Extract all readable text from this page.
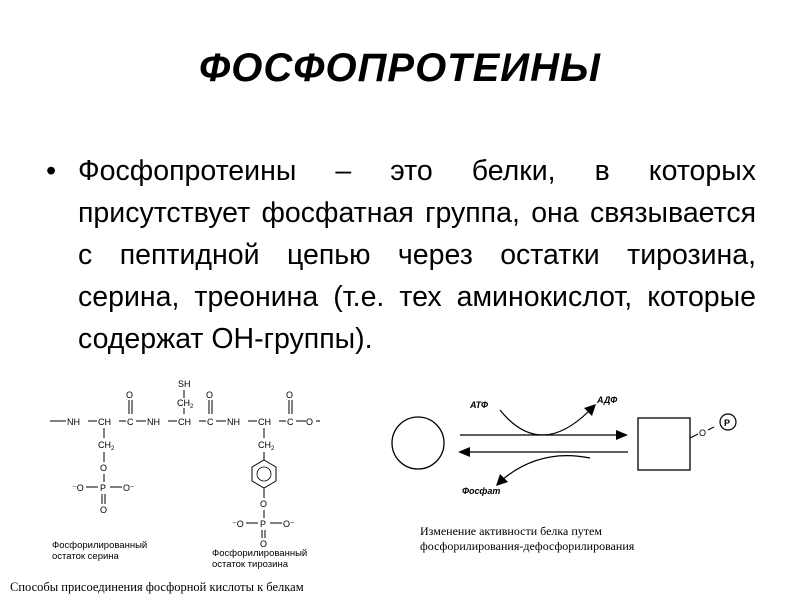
ФОСФОПРОТЕИНЫ
• Фосфопротеины – это белки, в которых присутствует фосфатная группа, она связывается с пептидной цепью через остатки тирозина, серина, треонина (т.е. тех аминокислот, которые содержат OH-группы).

NH CH C NH CH C NH CH C O
O	O	O
CH 2
SH
CH 2
O
P
⁻O	O⁻
O
CH 2
O
P
⁻O	O⁻
O
Фосфорилированный
остаток серина	Фосфорилированный
остаток тирозина
АТФ	АДФ
Фосфат
O
P
Изменение активности белка путем
фосфорилирования-дефосфорилирования
Способы присоединения фосфорной кислоты к белкам
